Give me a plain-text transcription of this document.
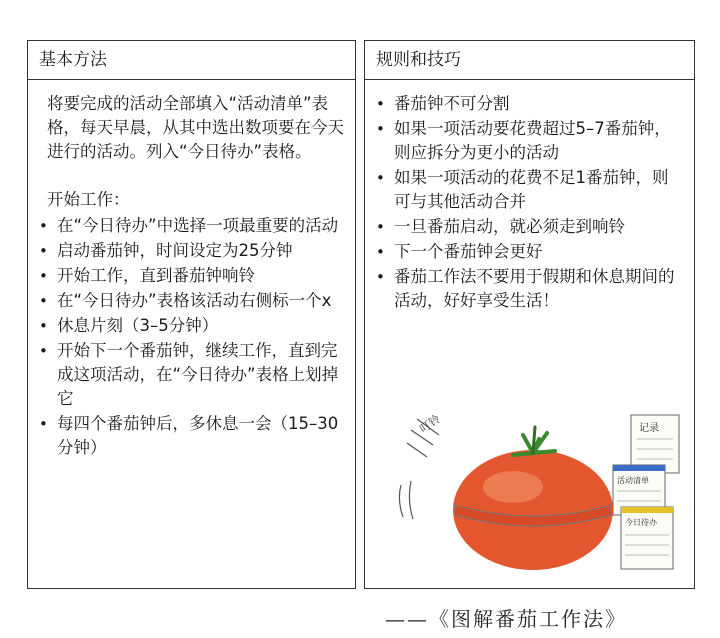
基本方法

将要完成的活动全部填入“活动清单”表格，每天早晨，从其中选出数项要在今天进行的活动。列入“今日待办”表格。

开始工作：

• 在“今日待办”中选择一项最重要的活动
• 启动番茄钟，时间设定为25分钟
• 开始工作，直到番茄钟响铃
• 在“今日待办”表格该活动右侧标一个x
• 休息片刻（3–5分钟）
• 开始下一个番茄钟，继续工作，直到完成这项活动，在“今日待办”表格上划掉它
• 每四个番茄钟后，多休息一会（15–30分钟）
规则和技巧
• 番茄钟不可分割
• 如果一项活动要花费超过5–7番茄钟，则应拆分为更小的活动
• 如果一项活动的花费不足1番茄钟，则可与其他活动合并
• 一旦番茄启动，就必须走到响铃
• 下一个番茄钟会更好
• 番茄工作法不要用于假期和休息期间的活动，好好享受生活！
叮铃	记录
活动清单
今日待办
——《图解番茄工作法》
